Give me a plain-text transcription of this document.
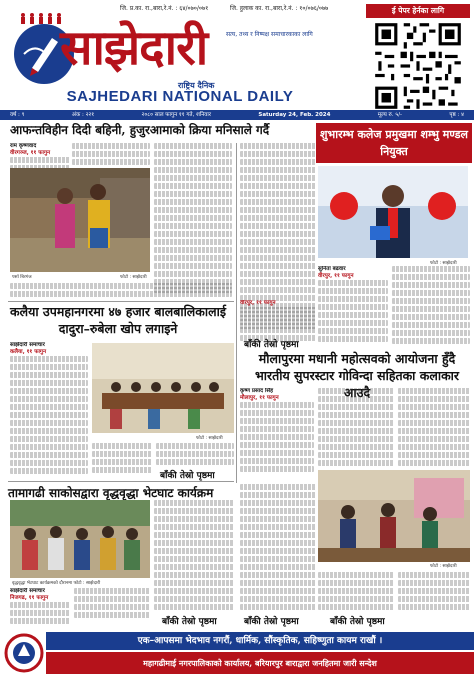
जि. प्र.का. रा.,बारा,रे.नं. : ६४/०७०/०७१	जि. हुलाक का. रा.,बारा,रे.नं. : १०/०७६/०७७
साझेदारी	सत्य, तथ्य र निष्पक्ष समाचारकाका लागि
राष्ट्रिय दैनिक
SAJHEDARI NATIONAL DAILY
ई पेपर हेर्नका लागि
वर्ष : ९	अंक : २२१	२०८० साल फागुन ११ गते, शनिवार	Saturday 24, Feb. 2024	मूल्य रु. ५/-	पृष्ठ : ४
आफन्तविहीन दिदी बहिनी, हुजुरआमाको क्रिया मनिसाले गर्दै
राम कृष्णवाद
वीरगञ्ज, ११ फागुन
पर्सा बिरगंज	फोटो : साझेदारी
शुभारम्भ कलेज प्रमुखमा शम्भु मण्डल नियुक्त
फोटो : साझेदारी
सुनिता बढवार
वीरपुर, ११ फागुन
कलैया उपमहानगरमा ४७ हजार बालबालिकालाई दादुरा–रुबेला खोप लगाइने
साझेदारी समाचार
कलैया, ११ फागुन
फोटो : साझेदारी
बाँकी तेस्रो पृष्ठमा
वीरपुर, ११ फागुन
बाँकी तेस्रो पृष्ठमा
मौलापुरमा मधानी महोत्सवको आयोजना हुँदै भारतीय सुपरस्टार गोविन्दा सहितका कलाकार आउदै
कृष्ण प्रसाद सिंह
मौलापुर, ११ फागुन
फोटो : साझेदारी
तामागढी साकोसद्वारा वृद्धवृद्धा भेटघाट कार्यक्रम
वृद्धवृद्धा भेटघाट कार्यक्रमको दौरानमा फोटो : साझेदारी
साझेदारी समाचार
निजगढ, ११ फागुन
बाँकी तेस्रो पृष्ठमा	बाँकी तेस्रो पृष्ठमा	बाँकी तेस्रो पृष्ठमा
एक–आपसमा भेदभाव नगरौं, धार्मिक, सौंस्कृतिक, सहिष्णुता कायम राखौं ।
महागढीमाई नगरपालिकाको कार्यालय, बरियारपुर बाराद्वारा जनहितमा जारी सन्देश
